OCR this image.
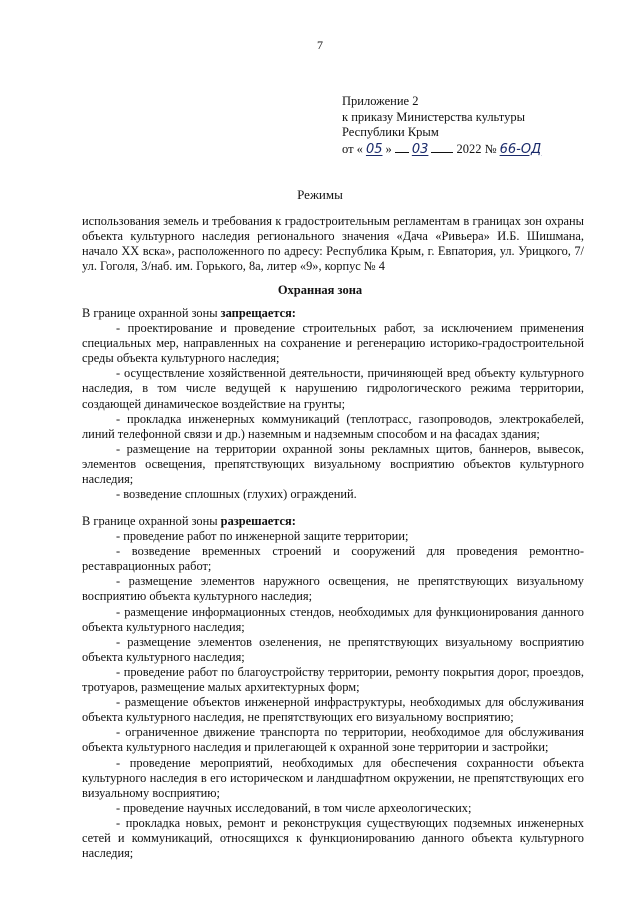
7
Приложение 2
к приказу Министерства культуры
Республики Крым
от « 05 » 03 2022 № 66-ОД
Режимы

использования земель и требования к градостроительным регламентам в границах зон охраны объекта культурного наследия регионального значения «Дача «Ривьера» И.Б. Шишмана, начало XX вска», расположенного по адресу: Республика Крым, г. Евпатория, ул. Урицкого, 7/ул. Гоголя, 3/наб. им. Горького, 8а, литер «9», корпус № 4

Охранная зона

В границе охранной зоны запрещается:

- проектирование и проведение строительных работ, за исключением применения специальных мер, направленных на сохранение и регенерацию историко-градостроительной среды объекта культурного наследия;

- осуществление хозяйственной деятельности, причиняющей вред объекту культурного наследия, в том числе ведущей к нарушению гидрологического режима территории, создающей динамическое воздействие на грунты;

- прокладка инженерных коммуникаций (теплотрасс, газопроводов, электрокабелей, линий телефонной связи и др.) наземным и надземным способом и на фасадах здания;

- размещение на территории охранной зоны рекламных щитов, баннеров, вывесок, элементов освещения, препятствующих визуальному восприятию объектов культурного наследия;

- возведение сплошных (глухих) ограждений.

В границе охранной зоны разрешается:

- проведение работ по инженерной защите территории;

- возведение временных строений и сооружений для проведения ремонтно-реставрационных работ;

- размещение элементов наружного освещения, не препятствующих визуальному восприятию объекта культурного наследия;

- размещение информационных стендов, необходимых для функционирования данного объекта культурного наследия;

- размещение элементов озеленения, не препятствующих визуальному восприятию объекта культурного наследия;

- проведение работ по благоустройству территории, ремонту покрытия дорог, проездов, тротуаров, размещение малых архитектурных форм;

- размещение объектов инженерной инфраструктуры, необходимых для обслуживания объекта культурного наследия, не препятствующих его визуальному восприятию;

- ограниченное движение транспорта по территории, необходимое для обслуживания объекта культурного наследия и прилегающей к охранной зоне территории и застройки;

- проведение мероприятий, необходимых для обеспечения сохранности объекта культурного наследия в его историческом и ландшафтном окружении, не препятствующих его визуальному восприятию;

- проведение научных исследований, в том числе археологических;

- прокладка новых, ремонт и реконструкция существующих подземных инженерных сетей и коммуникаций, относящихся к функционированию данного объекта культурного наследия;
